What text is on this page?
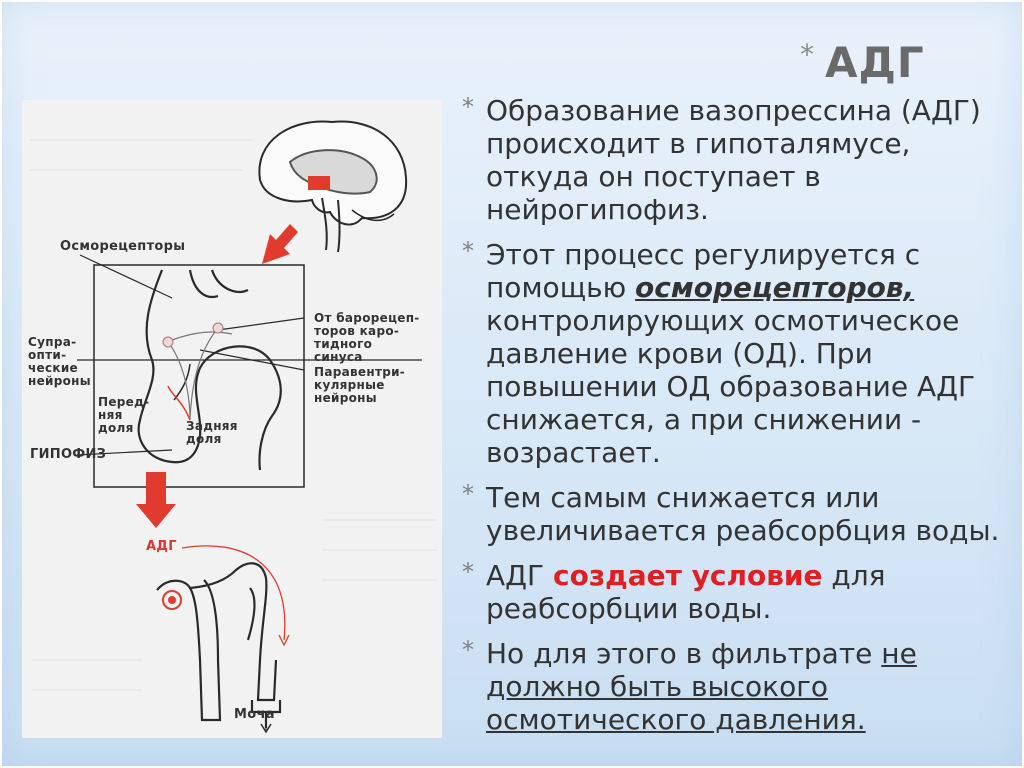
* АДГ
Осморецепторы
Супра-
опти-
ческие
нейроны
От барорецеп-
торов каро-
тидного
синуса
Паравентри-
кулярные
нейроны
Перед-
няя
доля	Задняя
доля
ГИПОФИЗ
АДГ
Моча
* Образование вазопрессина (АДГ) происходит в гипоталямусе, откуда он поступает в нейрогипофиз.
* Этот процесс регулируется с помощью осморецепторов, контролирующих осмотическое давление крови (ОД). При повышении ОД образование АДГ снижается, а при снижении - возрастает.
* Тем самым снижается или увеличивается реабсорбция воды.
* АДГ создает условие для реабсорбции воды.
* Но для этого в фильтрате не должно быть высокого осмотического давления.
